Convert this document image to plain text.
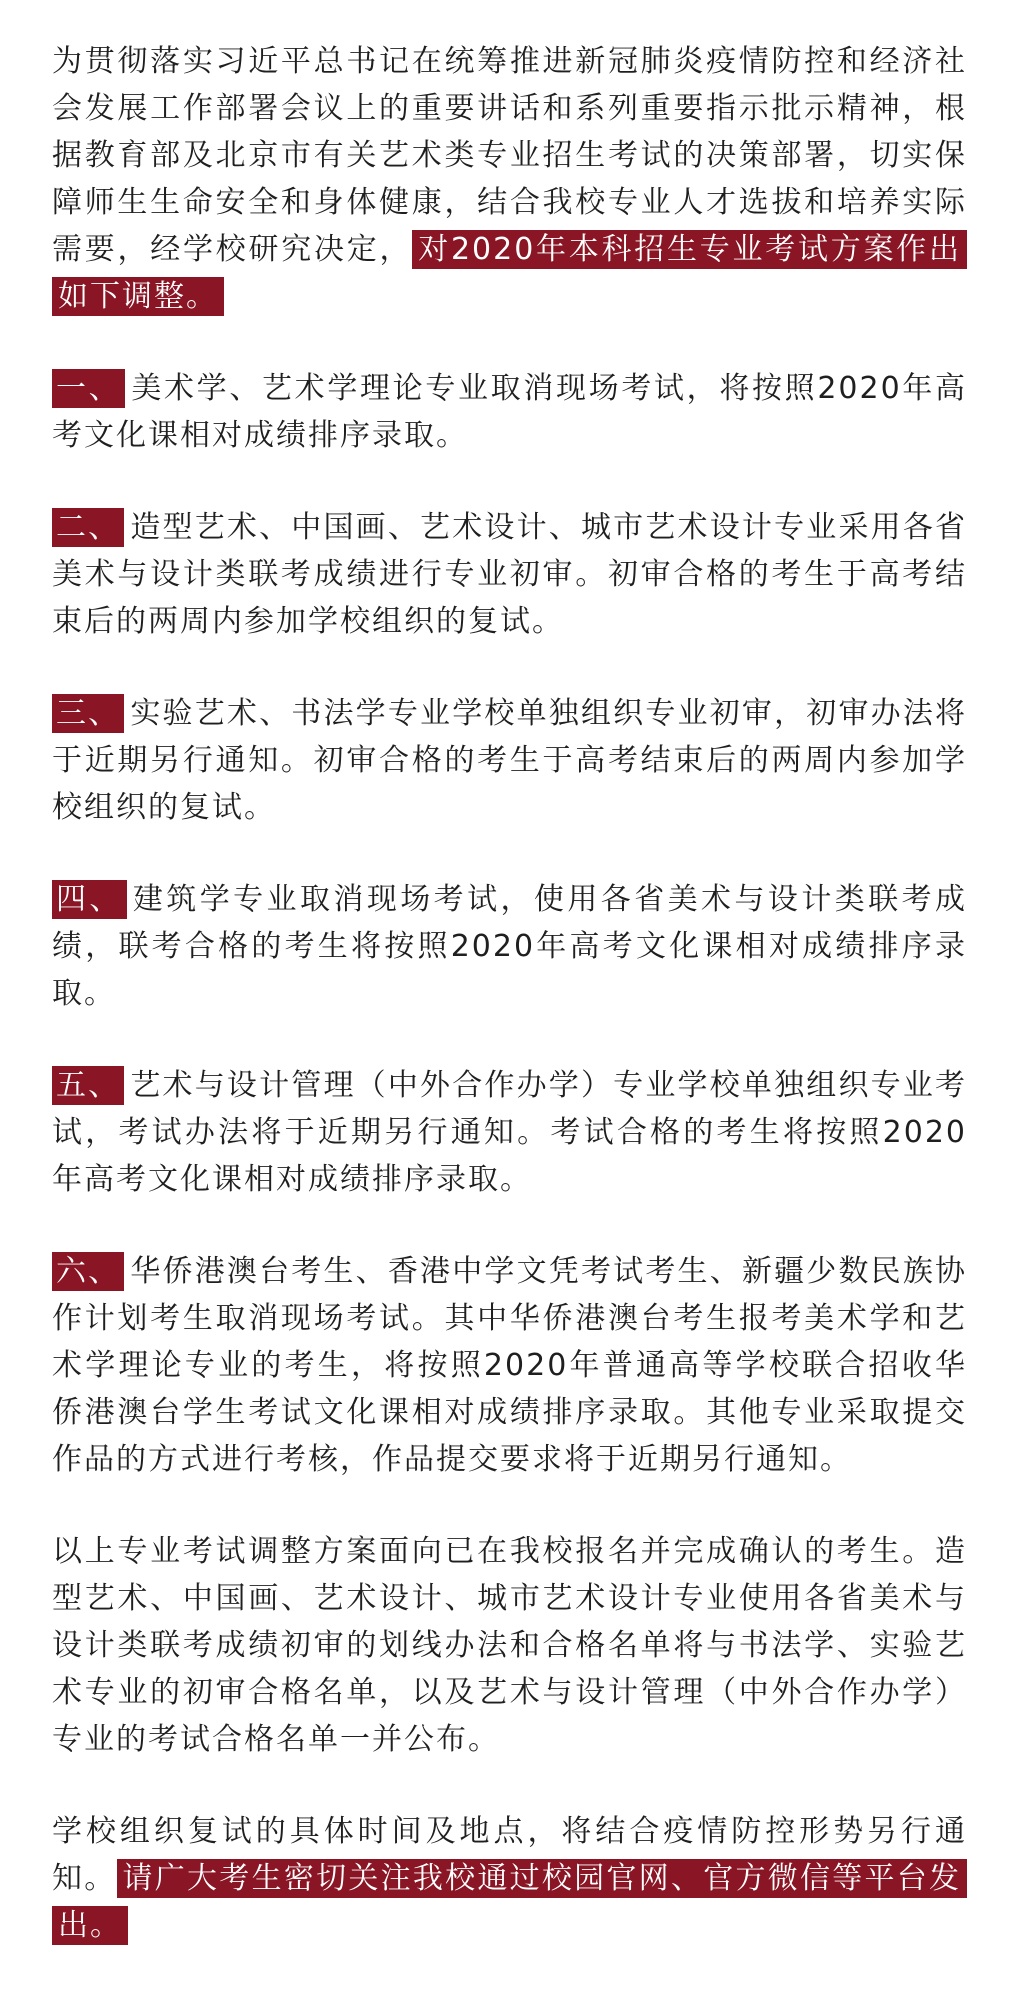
为贯彻落实习近平总书记在统筹推进新冠肺炎疫情防控和经济社会发展工作部署会议上的重要讲话和系列重要指示批示精神，根据教育部及北京市有关艺术类专业招生考试的决策部署，切实保障师生生命安全和身体健康，结合我校专业人才选拔和培养实际需要，经学校研究决定， 对2020年本科招生专业考试方案作出如下调整。

一、 美术学、艺术学理论专业取消现场考试，将按照2020年高考文化课相对成绩排序录取。

二、 造型艺术、中国画、艺术设计、城市艺术设计专业采用各省美术与设计类联考成绩进行专业初审。初审合格的考生于高考结束后的两周内参加学校组织的复试。

三、 实验艺术、书法学专业学校单独组织专业初审，初审办法将于近期另行通知。初审合格的考生于高考结束后的两周内参加学校组织的复试。

四、 建筑学专业取消现场考试，使用各省美术与设计类联考成绩，联考合格的考生将按照2020年高考文化课相对成绩排序录取。

五、 艺术与设计管理（中外合作办学）专业学校单独组织专业考试，考试办法将于近期另行通知。考试合格的考生将按照2020年高考文化课相对成绩排序录取。

六、 华侨港澳台考生、香港中学文凭考试考生、新疆少数民族协作计划考生取消现场考试。其中华侨港澳台考生报考美术学和艺术学理论专业的考生，将按照2020年普通高等学校联合招收华侨港澳台学生考试文化课相对成绩排序录取。其他专业采取提交作品的方式进行考核，作品提交要求将于近期另行通知。

以上专业考试调整方案面向已在我校报名并完成确认的考生。造型艺术、中国画、艺术设计、城市艺术设计专业使用各省美术与设计类联考成绩初审的划线办法和合格名单将与书法学、实验艺术专业的初审合格名单，以及艺术与设计管理（中外合作办学）专业的考试合格名单一并公布。

学校组织复试的具体时间及地点，将结合疫情防控形势另行通知。 请广大考生密切关注我校通过校园官网、官方微信等平台发出。
